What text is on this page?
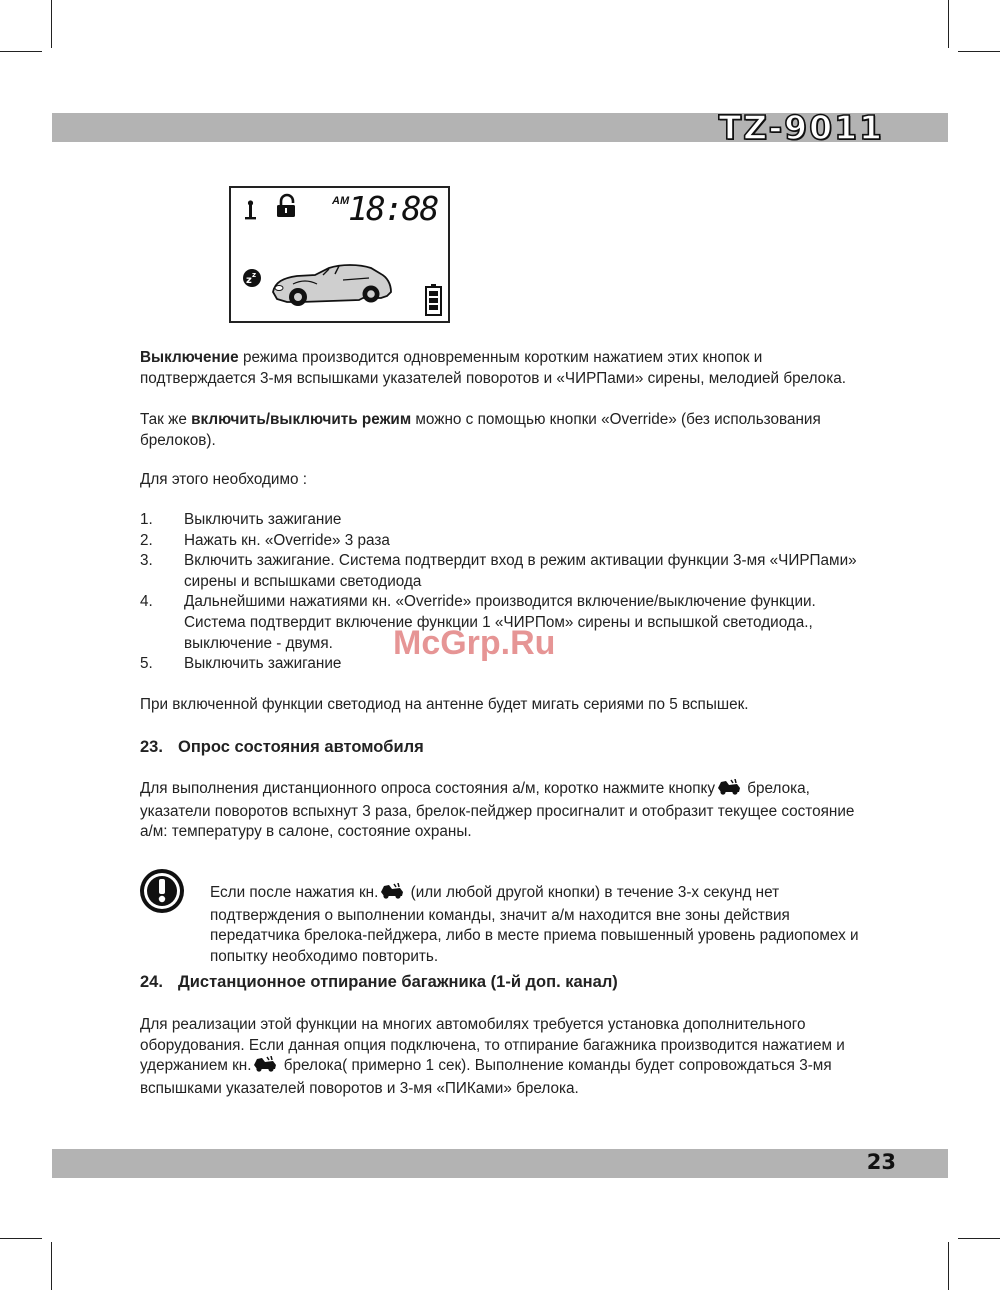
TZ-9011
z z
AM
18:88

Выключение режима производится одновременным коротким нажатием этих кнопок и подтверждается 3-мя вспышками указателей поворотов и «ЧИРПами» сирены, мелодией брелока.

Так же включить/выключить режим можно с помощью кнопки «Override» (без использования брелоков).

Для этого необходимо :

1.	Выключить зажигание
2.	Нажать кн. «Override» 3 раза
3.	Включить зажигание. Система подтвердит вход в режим активации функции 3-мя «ЧИРПами» сирены и вспышками светодиода
4.	Дальнейшими нажатиями кн. «Override» производится включение/выключение функции. Система подтвердит включение функции 1 «ЧИРПом» сирены и вспышкой светодиода., выключение - двумя.
5.	Выключить зажигание

При включенной функции светодиод на антенне будет мигать сериями по 5 вспышек.

23. Опрос состояния автомобиля

Для выполнения дистанционного опроса состояния а/м, коротко нажмите кнопку брелока, указатели поворотов вспыхнут 3 раза, брелок-пейджер просигналит и отобразит текущее состояние а/м: температуру в салоне, состояние охраны.

Если после нажатия кн. (или любой другой кнопки) в течение 3-х секунд нет подтверждения о выполнении команды, значит а/м находится вне зоны действия передатчика брелока-пейджера, либо в месте приема повышенный уровень радиопомех и попытку необходимо повторить.

24. Дистанционное отпирание багажника (1-й доп. канал)

Для реализации этой функции на многих автомобилях требуется установка дополнительного оборудования. Если данная опция подключена, то отпирание багажника производится нажатием и удержанием кн. брелока( примерно 1 сек). Выполнение команды будет сопровождаться 3-мя вспышками указателей поворотов и 3-мя «ПИКами» брелока.

McGrp.Ru
23
